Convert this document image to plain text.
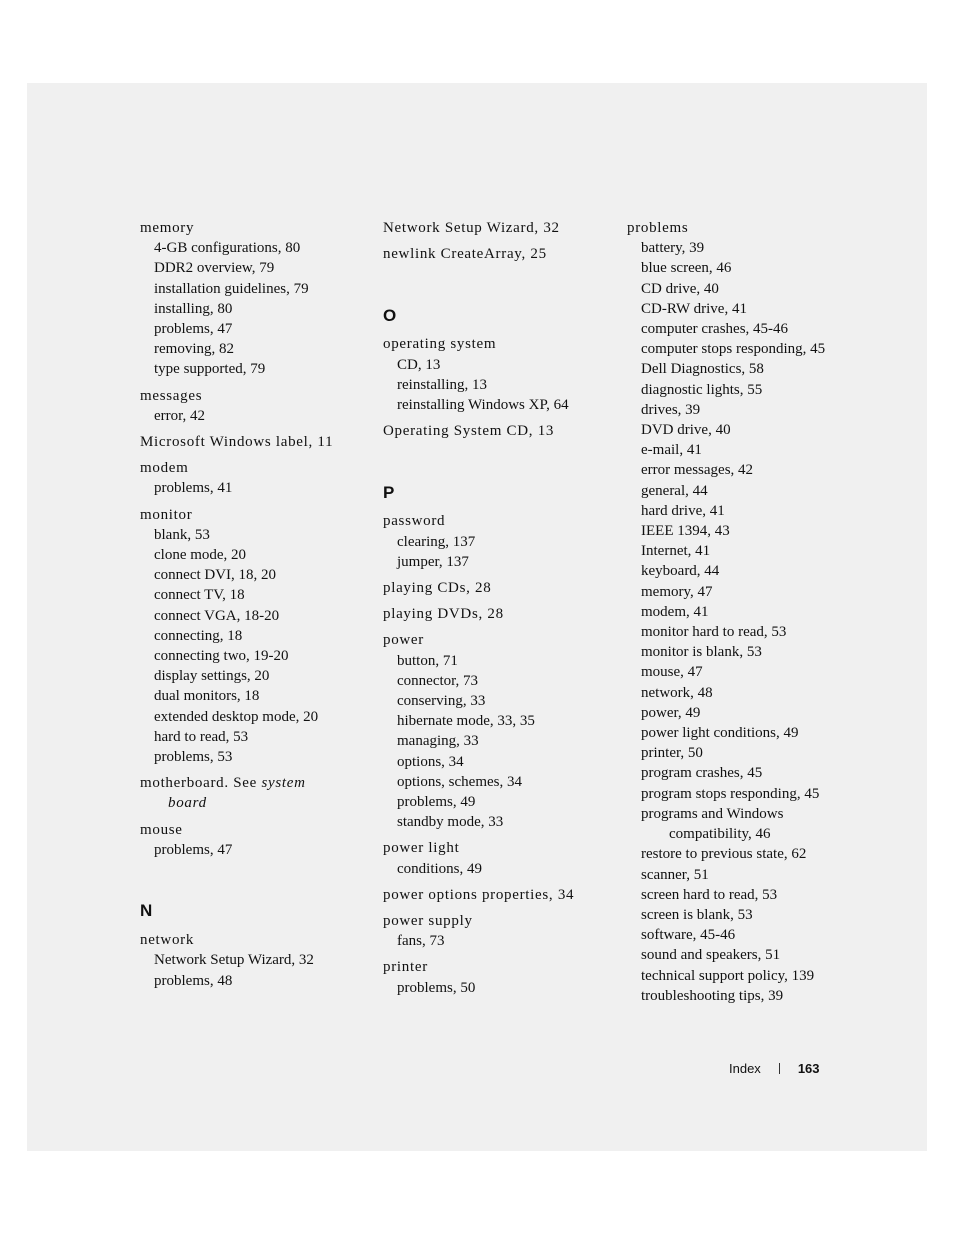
memory
4-GB configurations, 80
DDR2 overview, 79
installation guidelines, 79
installing, 80
problems, 47
removing, 82
type supported, 79
messages
error, 42
Microsoft Windows label, 11
modem
problems, 41
monitor
blank, 53
clone mode, 20
connect DVI, 18, 20
connect TV, 18
connect VGA, 18-20
connecting, 18
connecting two, 19-20
display settings, 20
dual monitors, 18
extended desktop mode, 20
hard to read, 53
problems, 53
motherboard. See system
board
mouse
problems, 47
N
network
Network Setup Wizard, 32
problems, 48
Network Setup Wizard, 32
newlink CreateArray, 25
O
operating system
CD, 13
reinstalling, 13
reinstalling Windows XP, 64
Operating System CD, 13
P
password
clearing, 137
jumper, 137
playing CDs, 28
playing DVDs, 28
power
button, 71
connector, 73
conserving, 33
hibernate mode, 33, 35
managing, 33
options, 34
options, schemes, 34
problems, 49
standby mode, 33
power light
conditions, 49
power options properties, 34
power supply
fans, 73
printer
problems, 50
problems
battery, 39
blue screen, 46
CD drive, 40
CD-RW drive, 41
computer crashes, 45-46
computer stops responding, 45
Dell Diagnostics, 58
diagnostic lights, 55
drives, 39
DVD drive, 40
e-mail, 41
error messages, 42
general, 44
hard drive, 41
IEEE 1394, 43
Internet, 41
keyboard, 44
memory, 47
modem, 41
monitor hard to read, 53
monitor is blank, 53
mouse, 47
network, 48
power, 49
power light conditions, 49
printer, 50
program crashes, 45
program stops responding, 45
programs and Windows
compatibility, 46
restore to previous state, 62
scanner, 51
screen hard to read, 53
screen is blank, 53
software, 45-46
sound and speakers, 51
technical support policy, 139
troubleshooting tips, 39
Index	163
